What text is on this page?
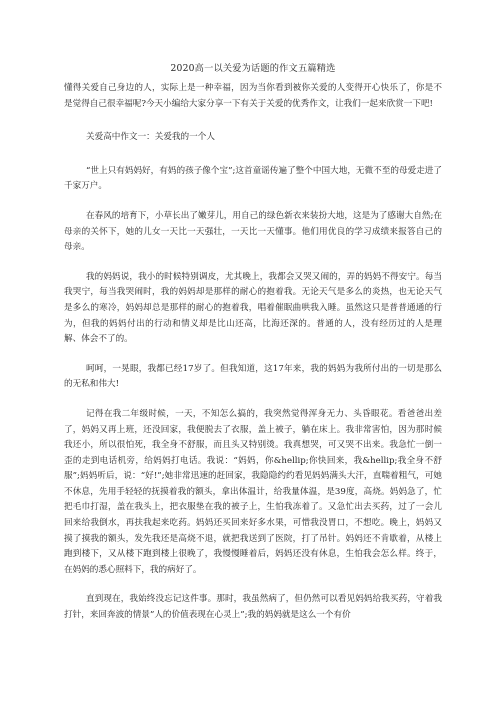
2020高一以关爱为话题的作文五篇精选

懂得关爱自己身边的人，实际上是一种幸福，因为当你看到被你关爱的人变得开心快乐了，你是不是觉得自己很幸福呢?今天小编给大家分享一下有关于关爱的优秀作文，让我们一起来欣赏一下吧!

关爱高中作文一：关爱我的一个人

“世上只有妈妈好，有妈的孩子像个宝”;这首童谣传遍了整个中国大地，无微不至的母爱走进了千家万户。

在春风的培育下，小草长出了嫩芽儿，用自己的绿色新衣来装扮大地，这是为了感谢大自然;在母亲的关怀下，她的儿女一天比一天强壮，一天比一天懂事。他们用优良的学习成绩来报答自己的母亲。

我的妈妈说，我小的时候特别调皮，尤其晚上，我都会又哭又闹的，弄的妈妈不得安宁。每当我哭宁，每当我哭闹时，我的妈妈却是那样的耐心的抱着我。无论天气是多么的炎热，也无论天气是多么的寒冷，妈妈却总是那样的耐心的抱着我，唱着催眠曲哄我入睡。虽然这只是普普通通的行为，但我的妈妈付出的行动和情义却是比山还高，比海还深的。普通的人，没有经历过的人是理解、体会不了的。

呵呵，一晃眼，我都已经17岁了。但我知道，这17年来，我的妈妈为我所付出的一切是那么的无私和伟大!

记得在我二年级时候，一天，不知怎么搞的，我突然觉得浑身无力、头昏眼花。看爸爸出差了，妈妈又再上班，还没回家，我便脱去了衣服，盖上被子，躺在床上。我非常害怕，因为那时候我还小，所以很怕死，我全身不舒服，而且头又特别烫。我真想哭，可又哭不出来。我急忙一倒一歪的走到电话机旁，给妈妈打电话。我说：“妈妈，你&hellip;你快回来，我&hellip;我全身不舒服”;妈妈听后，说：“好!”;她非常迅速的赶回家，我隐隐约约看见妈妈满头大汗，直喘着粗气，可她不休息，先用手轻轻的抚摸着我的额头，拿出体温计，给我量体温，是39度，高烧。妈妈急了，忙把毛巾打湿，盖在我头上，把衣服垫在我的被子上，生怕我冻着了。又急忙出去买药，过了一会儿回来给我倒水，再扶我起来吃药。妈妈还买回来好多水果，可惜我没胃口，不想吃。晚上，妈妈又摸了摸我的额头，发先我还是高烧不退，就把我送到了医院，打了吊针。妈妈还不肯歇着，从楼上跑到楼下，又从楼下跑到楼上很晚了，我慢慢睡着后，妈妈还没有休息，生怕我会怎么样。终于，在妈妈的悉心照料下，我的病好了。

直到现在，我始终没忘记这件事。那时，我虽然病了，但仍然可以看见妈妈给我买药，守着我打针，来回奔波的情景”人的价值表现在心灵上”;我的妈妈就是这么一个有价
